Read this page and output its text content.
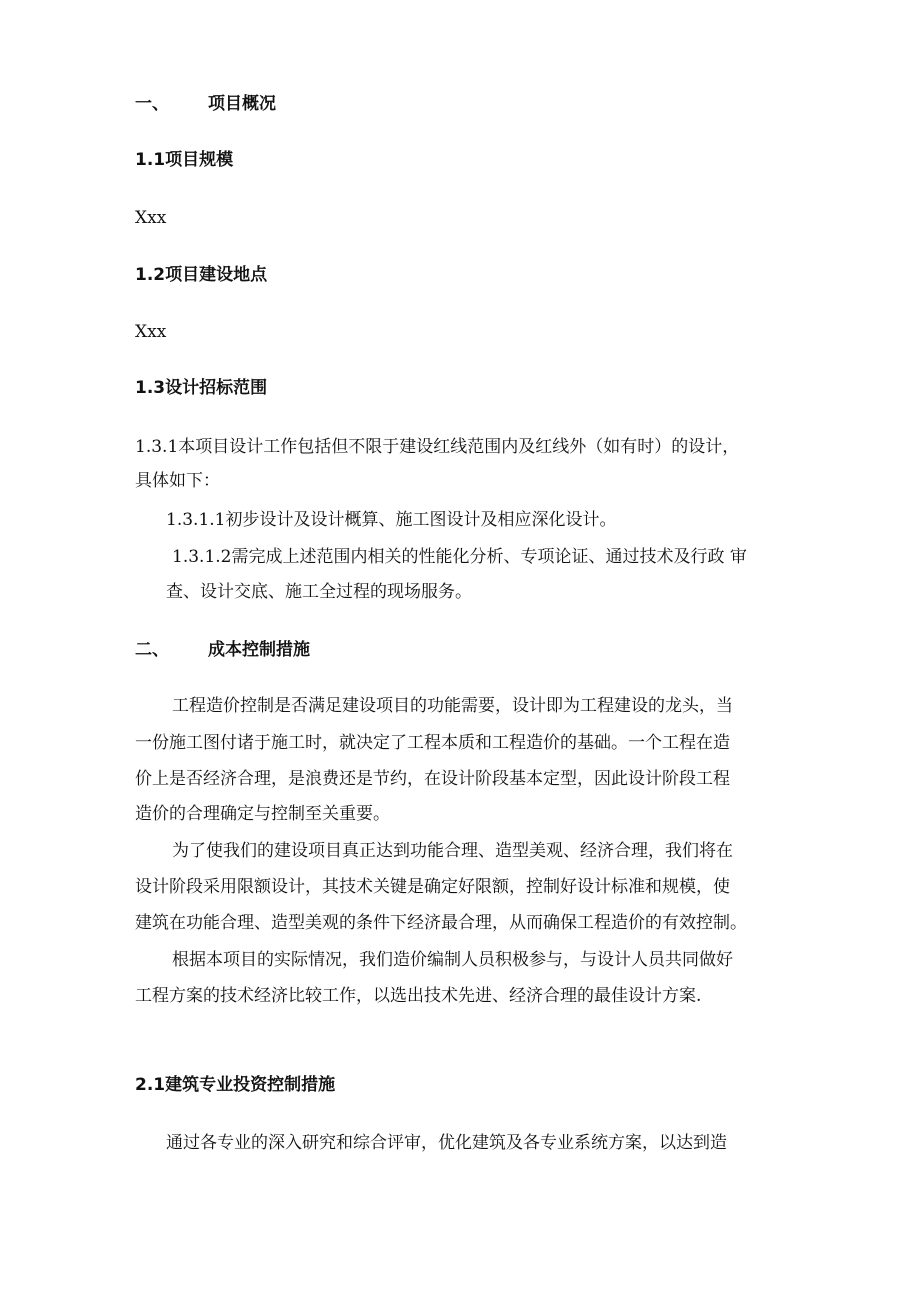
一、 项目概况
1.1项目规模
Xxx
1.2项目建设地点
Xxx
1.3设计招标范围
1.3.1本项目设计工作包括但不限于建设红线范围内及红线外（如有时）的设计，
具体如下：
1.3.1.1初步设计及设计概算、施工图设计及相应深化设计。
1.3.1.2需完成上述范围内相关的性能化分析、专项论证、通过技术及行政 审
查、设计交底、施工全过程的现场服务。
二、 成本控制措施
工程造价控制是否满足建设项目的功能需要，设计即为工程建设的龙头，当
一份施工图付诸于施工时，就决定了工程本质和工程造价的基础。一个工程在造
价上是否经济合理，是浪费还是节约，在设计阶段基本定型，因此设计阶段工程
造价的合理确定与控制至关重要。
为了使我们的建设项目真正达到功能合理、造型美观、经济合理，我们将在
设计阶段采用限额设计，其技术关键是确定好限额，控制好设计标准和规模，使
建筑在功能合理、造型美观的条件下经济最合理，从而确保工程造价的有效控制。
根据本项目的实际情况，我们造价编制人员积极参与，与设计人员共同做好
工程方案的技术经济比较工作，以选出技术先进、经济合理的最佳设计方案.
2.1建筑专业投资控制措施
通过各专业的深入研究和综合评审，优化建筑及各专业系统方案，以达到造
